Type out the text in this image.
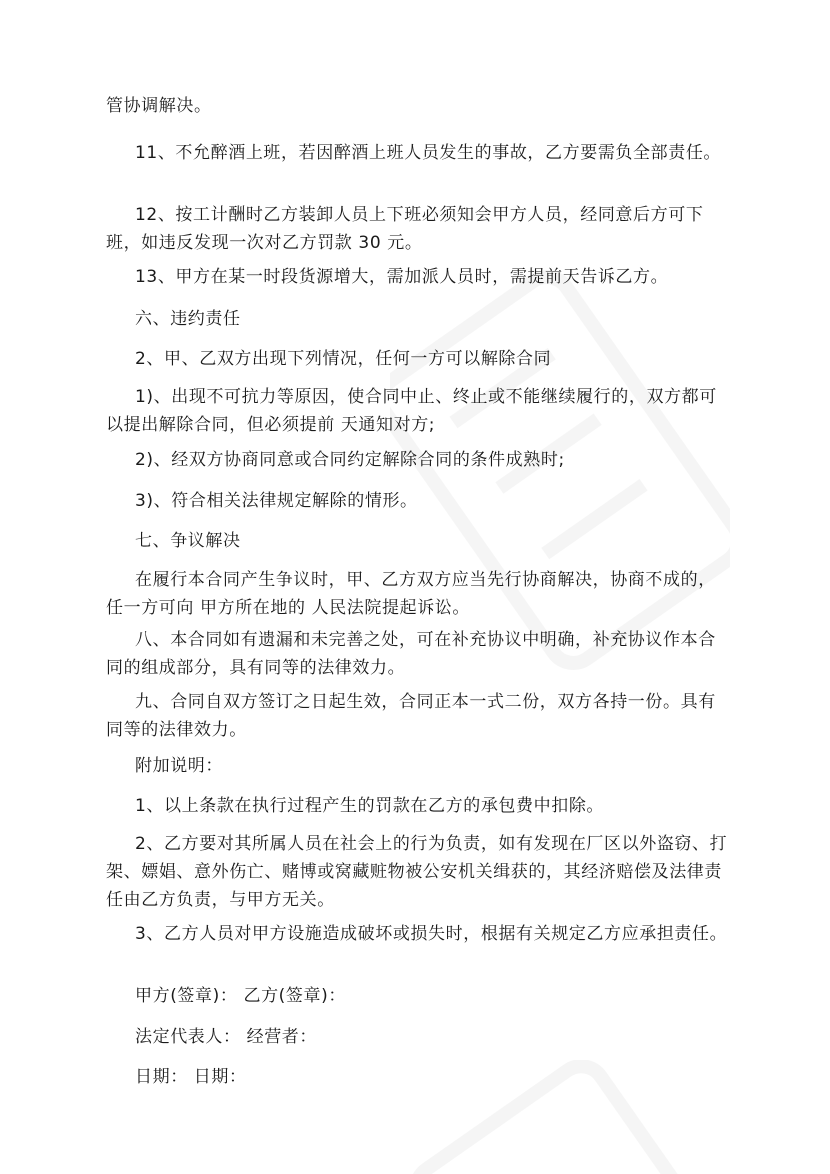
管协调解决。

11、不允醉酒上班，若因醉酒上班人员发生的事故，乙方要需负全部责任。

12、按工计酬时乙方装卸人员上下班必须知会甲方人员，经同意后方可下班，如违反发现一次对乙方罚款 30 元。

13、甲方在某一时段货源增大，需加派人员时，需提前天告诉乙方。

六、违约责任

2、甲、乙双方出现下列情况，任何一方可以解除合同

1)、出现不可抗力等原因，使合同中止、终止或不能继续履行的，双方都可以提出解除合同，但必须提前 天通知对方;

2)、经双方协商同意或合同约定解除合同的条件成熟时;

3)、符合相关法律规定解除的情形。

七、争议解决

在履行本合同产生争议时，甲、乙方双方应当先行协商解决，协商不成的，任一方可向 甲方所在地的 人民法院提起诉讼。

八、本合同如有遗漏和未完善之处，可在补充协议中明确，补充协议作本合同的组成部分，具有同等的法律效力。

九、合同自双方签订之日起生效，合同正本一式二份，双方各持一份。具有同等的法律效力。

附加说明：

1、以上条款在执行过程产生的罚款在乙方的承包费中扣除。

2、乙方要对其所属人员在社会上的行为负责，如有发现在厂区以外盗窃、打架、嫖娼、意外伤亡、赌博或窝藏赃物被公安机关缉获的，其经济赔偿及法律责任由乙方负责，与甲方无关。

3、乙方人员对甲方设施造成破坏或损失时，根据有关规定乙方应承担责任。

甲方(签章)： 乙方(签章)：

法定代表人： 经营者：

日期： 日期：
